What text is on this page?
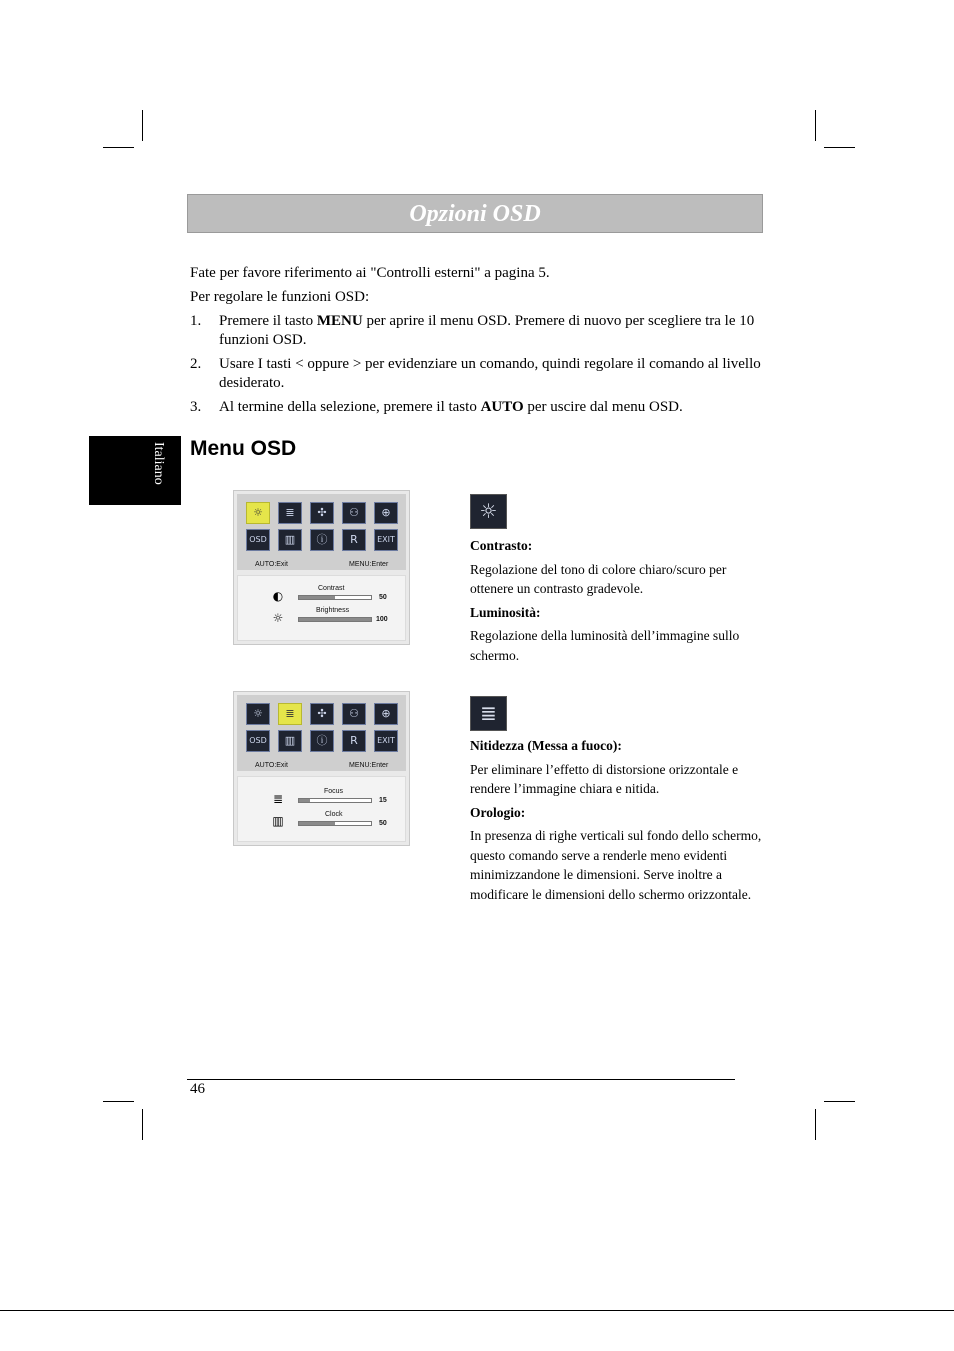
Opzioni OSD
Italiano

Fate per favore riferimento ai "Controlli esterni" a pagina 5.

Per regolare le funzioni OSD:

1. Premere il tasto MENU per aprire il menu OSD. Premere di nuovo per scegliere tra le 10 funzioni OSD.
2. Usare I tasti < oppure > per evidenziare un comando, quindi regolare il comando al livello desiderato.
3. Al termine della selezione, premere il tasto AUTO per uscire dal menu OSD.
Menu OSD
☼	≣	✣	⚇	⊕
OSD	▥	ⓘ	R	EXIT
AUTO:Exit	MENU:Enter
◐
Contrast
50
☼
Brightness
100
☼

Contrasto:

Regolazione del tono di colore chiaro/scuro per ottenere un contrasto gradevole.

Luminosità:

Regolazione della luminosità dell’immagine sullo schermo.

☼	≣	✣	⚇	⊕
OSD	▥	ⓘ	R	EXIT
AUTO:Exit	MENU:Enter
≣
Focus
15
▥	Clock
50
≣

Nitidezza (Messa a fuoco):

Per eliminare l’effetto di distorsione orizzontale e rendere l’immagine chiara e nitida.

Orologio:

In presenza di righe verticali sul fondo dello schermo, questo comando serve a renderle meno evidenti minimizzandone le dimensioni. Serve inoltre a modificare le dimensioni dello schermo orizzontale.

46
